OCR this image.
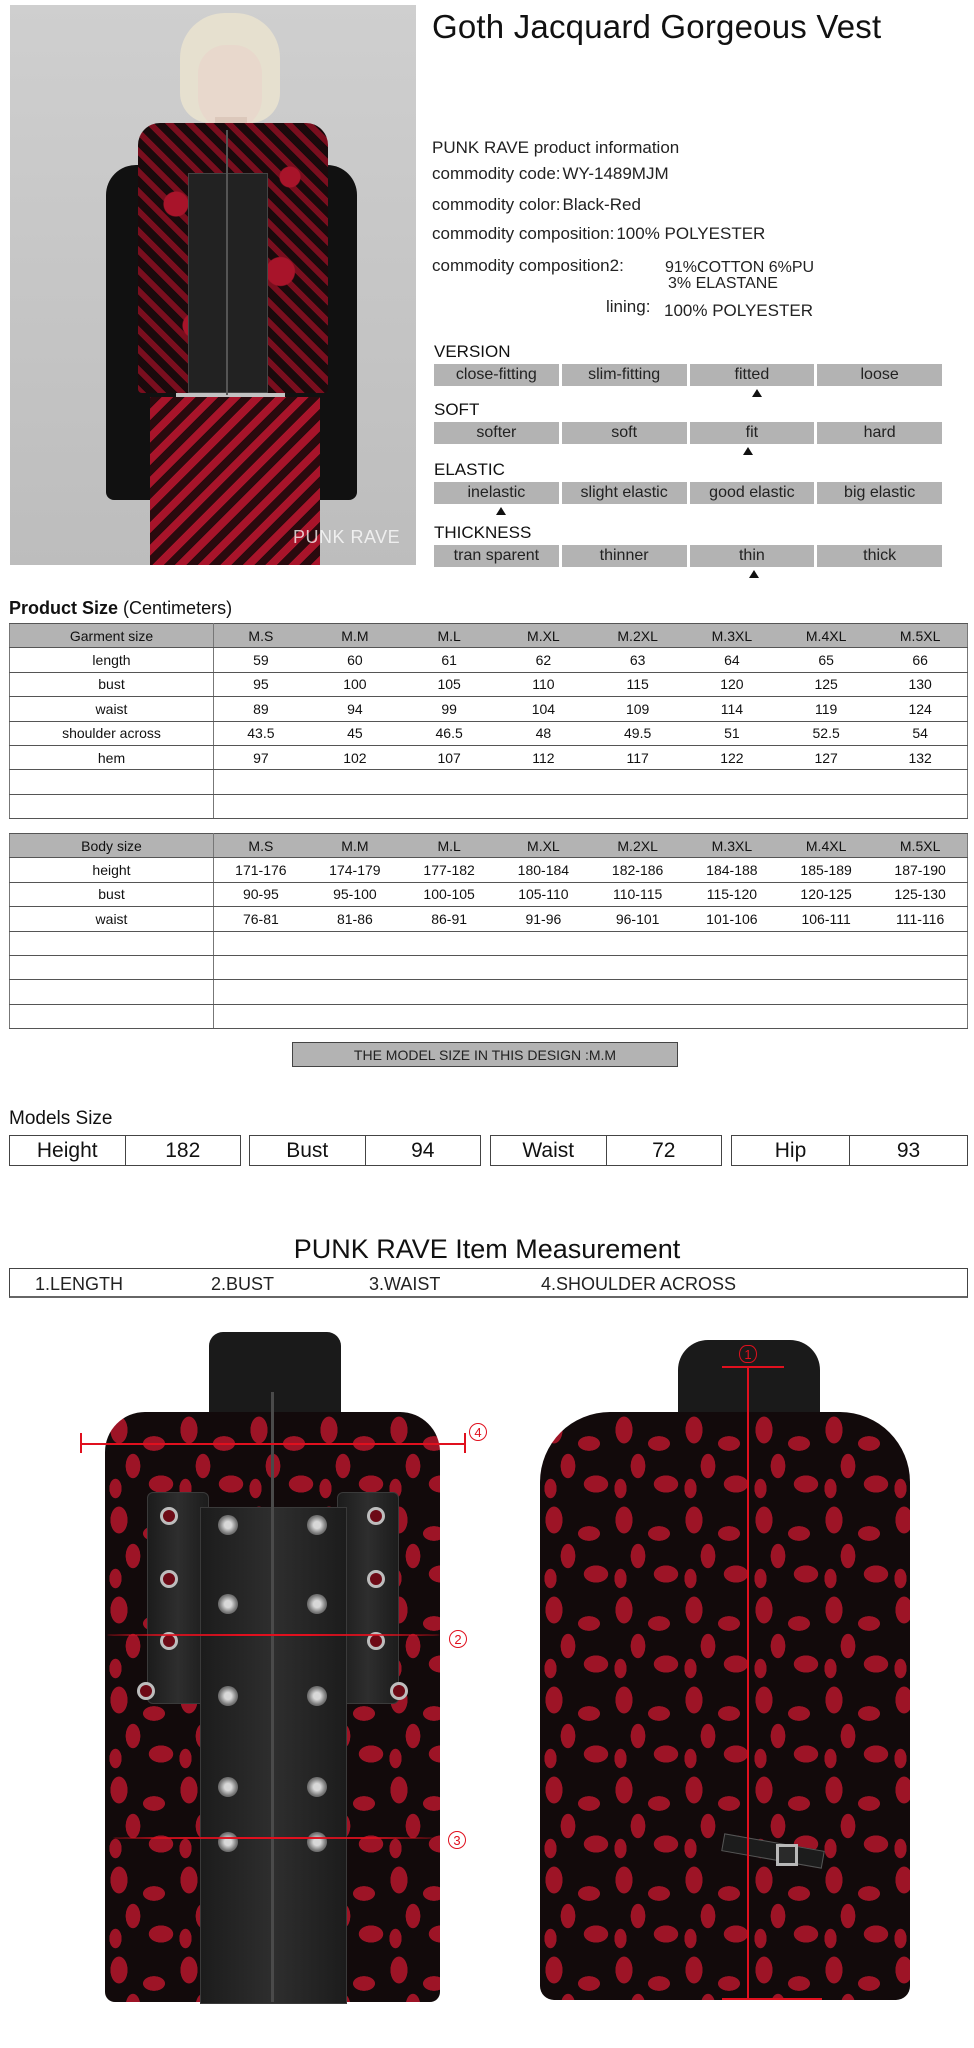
PUNK RAVE
Goth Jacquard Gorgeous Vest
PUNK RAVE product information
commodity code: WY-1489MJM
commodity color: Black-Red
commodity composition: 100% POLYESTER
commodity composition2:	91%COTTON 6%PU
3% ELASTANE
lining: 100% POLYESTER
VERSION
close-fitting	slim-fitting	fitted	loose
SOFT
softer	soft	fit	hard
ELASTIC
inelastic	slight elastic	good elastic	big elastic
THICKNESS
tran sparent	thinner	thin	thick
Product Size (Centimeters)
Garment size	M.S	M.M	M.L	M.XL	M.2XL	M.3XL	M.4XL	M.5XL
length	59	60	61	62	63	64	65	66
bust	95	100	105	110	115	120	125	130
waist	89	94	99	104	109	114	119	124
shoulder across	43.5	45	46.5	48	49.5	51	52.5	54
hem	97	102	107	112	117	122	127	132

Body size	M.S	M.M	M.L	M.XL	M.2XL	M.3XL	M.4XL	M.5XL
height	171-176	174-179	177-182	180-184	182-186	184-188	185-189	187-190
bust	90-95	95-100	100-105	105-110	110-115	115-120	120-125	125-130
waist	76-81	81-86	86-91	91-96	96-101	101-106	106-111	111-116

THE MODEL SIZE IN THIS DESIGN :M.M
Models Size
Height	182	Bust	94	Waist	72	Hip	93
PUNK RAVE Item Measurement
1.LENGTH	2.BUST	3.WAIST	4.SHOULDER ACROSS
4
2
3
1
